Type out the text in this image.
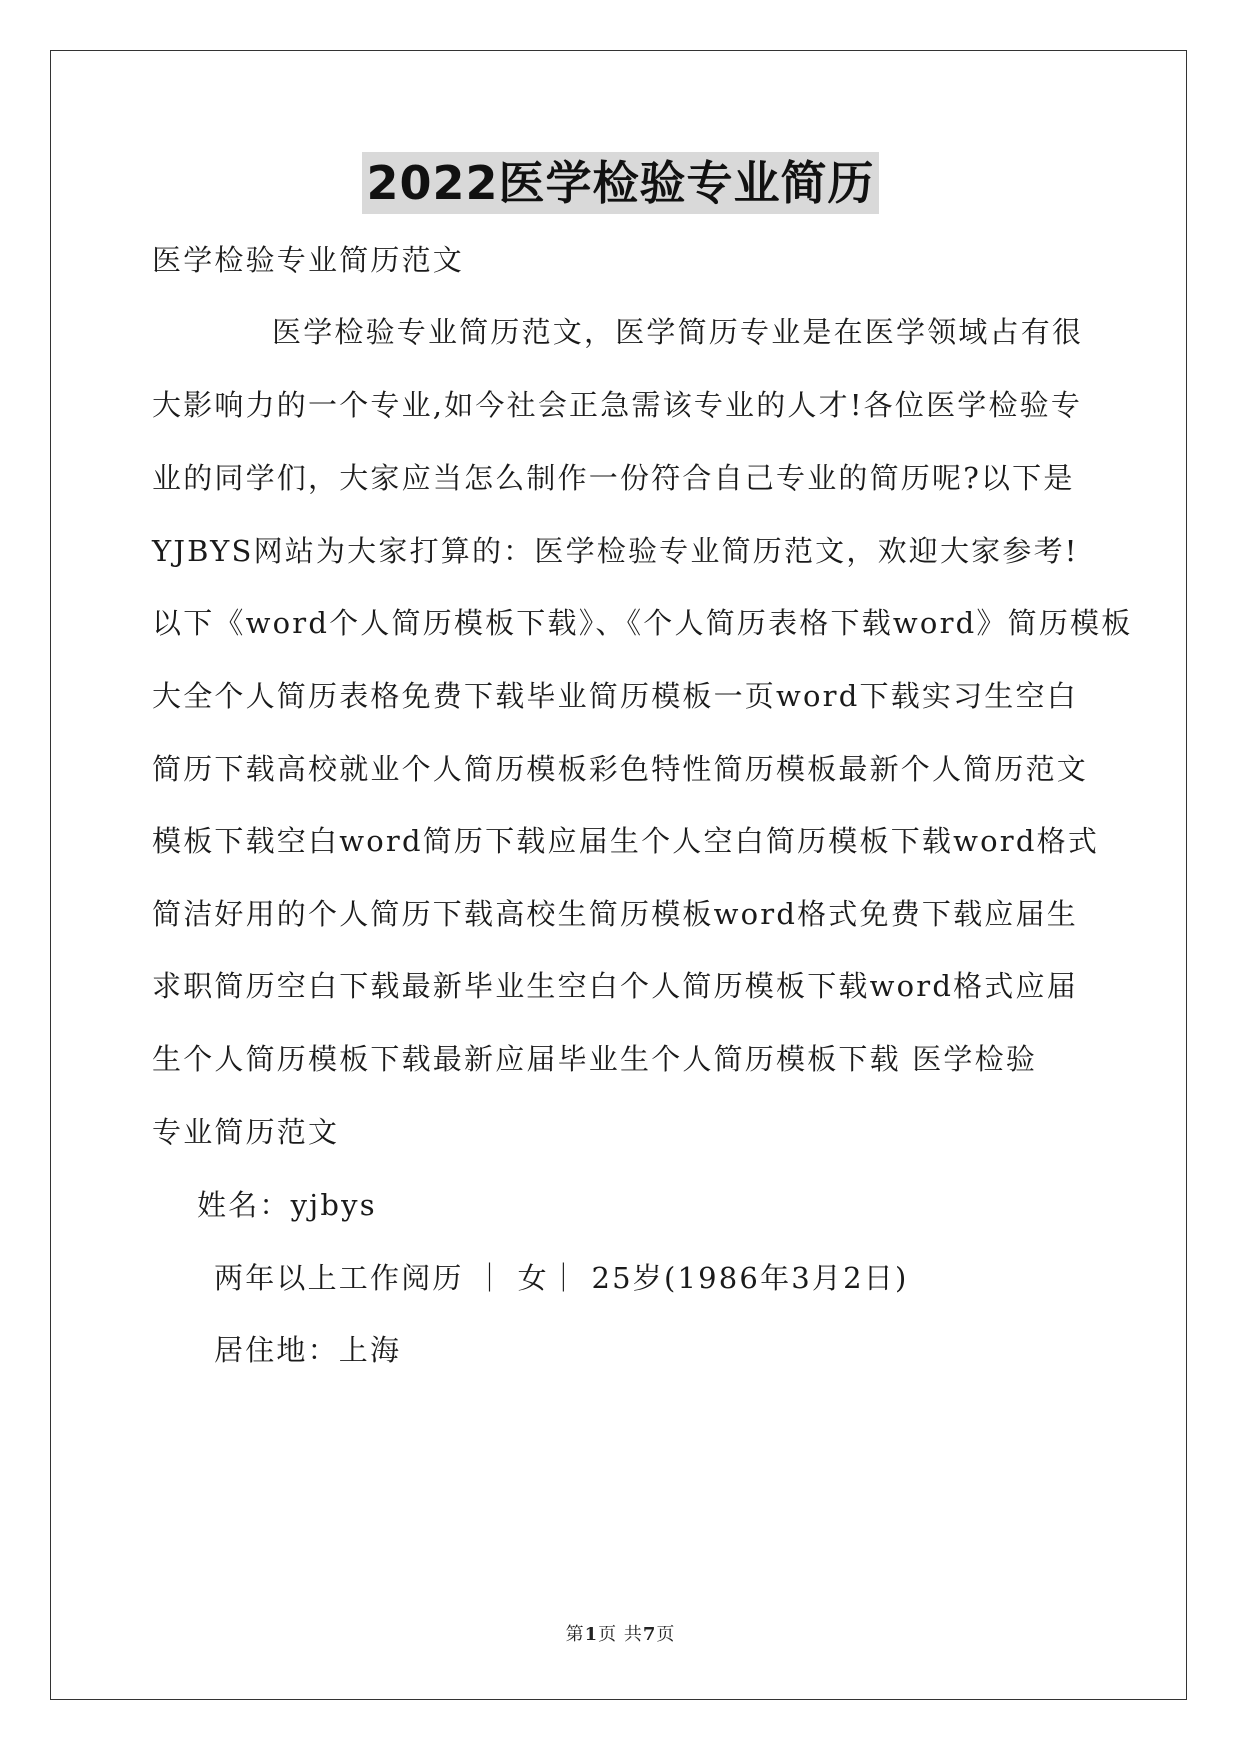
2022医学检验专业简历
医学检验专业简历范文
医学检验专业简历范文，医学简历专业是在医学领域占有很
大影响力的一个专业,如今社会正急需该专业的人才!各位医学检验专
业的同学们，大家应当怎么制作一份符合自己专业的简历呢?以下是
YJBYS网站为大家打算的：医学检验专业简历范文，欢迎大家参考!
以下《word个人简历模板下载》、《个人简历表格下载word》简历模板
大全个人简历表格免费下载毕业简历模板一页word下载实习生空白
简历下载高校就业个人简历模板彩色特性简历模板最新个人简历范文
模板下载空白word简历下载应届生个人空白简历模板下载word格式
简洁好用的个人简历下载高校生简历模板word格式免费下载应届生
求职简历空白下载最新毕业生空白个人简历模板下载word格式应届
生个人简历模板下载最新应届毕业生个人简历模板下载 医学检验
专业简历范文
姓名：yjbys
两年以上工作阅历 ｜ 女｜ 25岁(1986年3月2日)
居住地：上海
第1页 共7页
